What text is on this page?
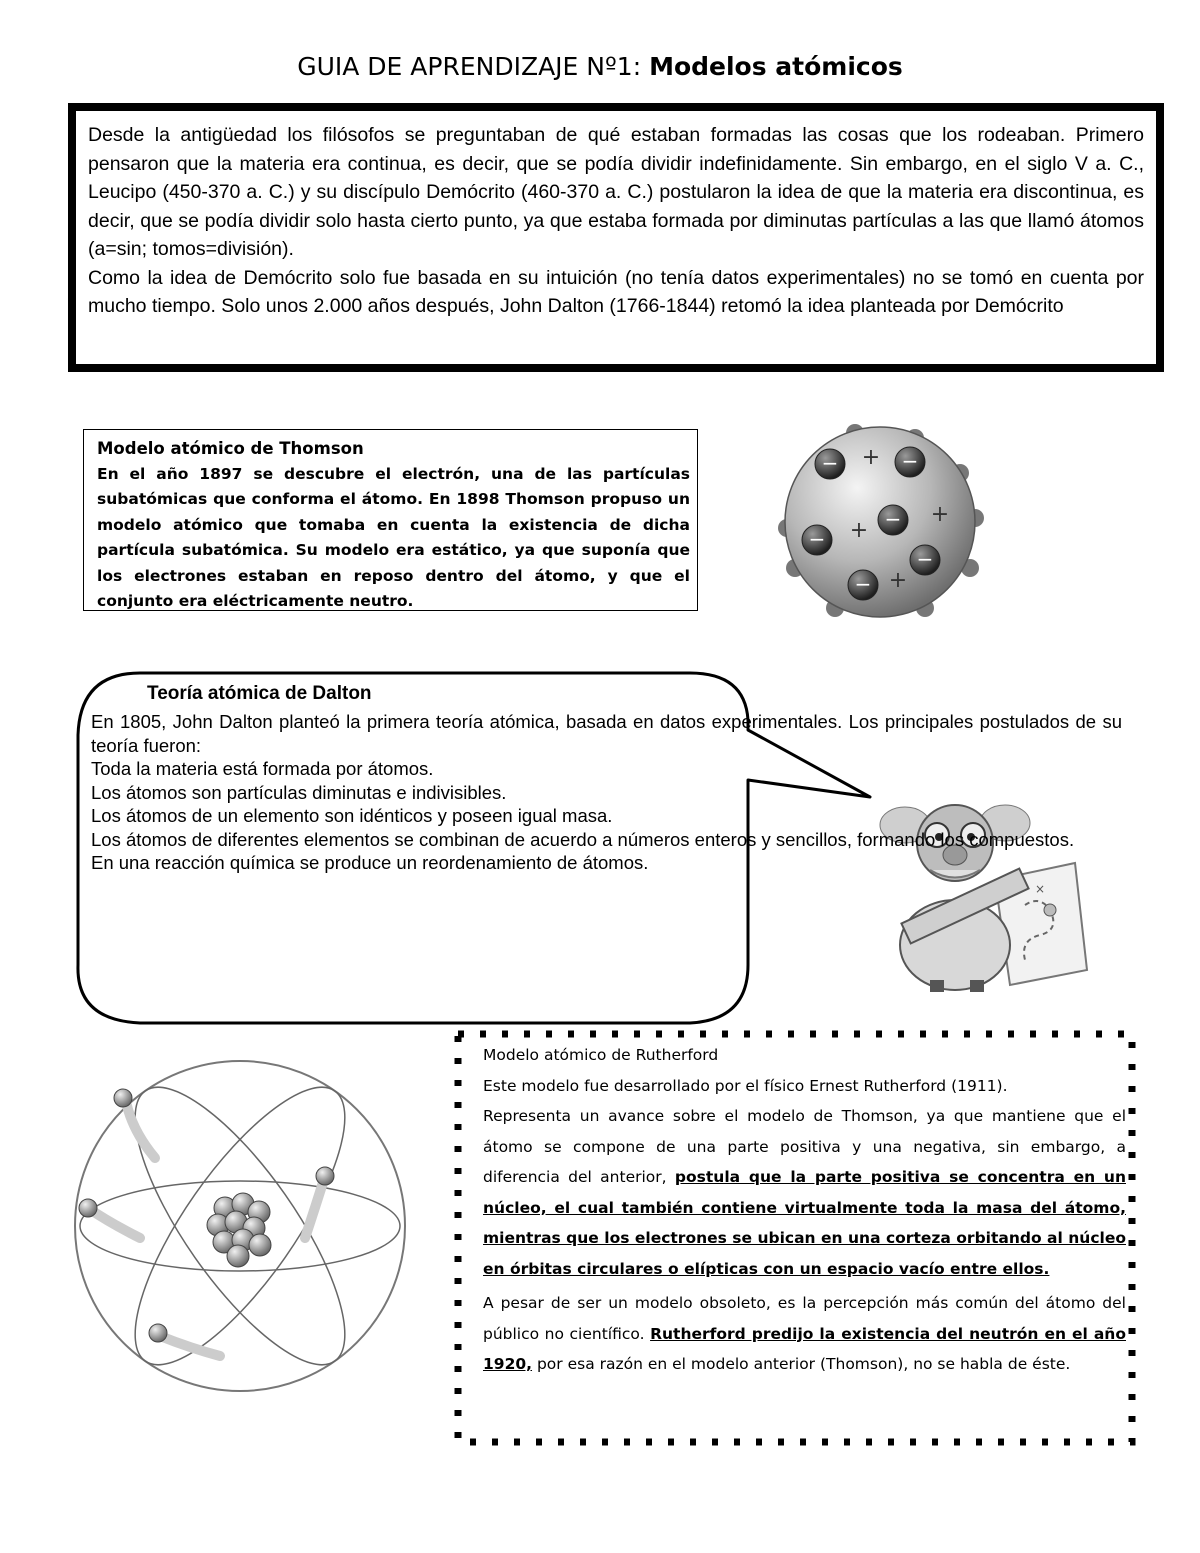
GUIA DE APRENDIZAJE Nº1: Modelos atómicos

Desde la antigüedad los filósofos se preguntaban de qué estaban formadas las cosas que los rodeaban. Primero pensaron que la materia era continua, es decir, que se podía dividir indefinidamente. Sin embargo, en el siglo V a. C., Leucipo (450-370 a. C.) y su discípulo Demócrito (460-370 a. C.) postularon la idea de que la materia era discontinua, es decir, que se podía dividir solo hasta cierto punto, ya que estaba formada por diminutas partículas a las que llamó átomos (a=sin; tomos=división).

Como la idea de Demócrito solo fue basada en su intuición (no tenía datos experimentales) no se tomó en cuenta por mucho tiempo. Solo unos 2.000 años después, John Dalton (1766-1844) retomó la idea planteada por Demócrito

Modelo atómico de Thomson

En el año 1897 se descubre el electrón, una de las partículas subatómicas que conforma el átomo. En 1898 Thomson propuso un modelo atómico que tomaba en cuenta la existencia de dicha partícula subatómica. Su modelo era estático, ya que suponía que los electrones estaban en reposo dentro del átomo, y que el conjunto era eléctricamente neutro.

−	−
−
−
−
−
+
+
+
+
×
Teoría atómica de Dalton

En 1805, John Dalton planteó la primera teoría atómica, basada en datos experimentales. Los principales postulados de su teoría fueron:

Toda la materia está formada por átomos.

Los átomos son partículas diminutas e indivisibles.

Los átomos de un elemento son idénticos y poseen igual masa.

Los átomos de diferentes elementos se combinan de acuerdo a números enteros y sencillos, formando los compuestos.

En una reacción química se produce un reordenamiento de átomos.

Modelo atómico de Rutherford

Este modelo fue desarrollado por el físico Ernest Rutherford (1911).

Representa un avance sobre el modelo de Thomson, ya que mantiene que el átomo se compone de una parte positiva y una negativa, sin embargo, a diferencia del anterior, postula que la parte positiva se concentra en un núcleo, el cual también contiene virtualmente toda la masa del átomo, mientras que los electrones se ubican en una corteza orbitando al núcleo en órbitas circulares o elípticas con un espacio vacío entre ellos.

A pesar de ser un modelo obsoleto, es la percepción más común del átomo del público no científico. Rutherford predijo la existencia del neutrón en el año 1920, por esa razón en el modelo anterior (Thomson), no se habla de éste.
